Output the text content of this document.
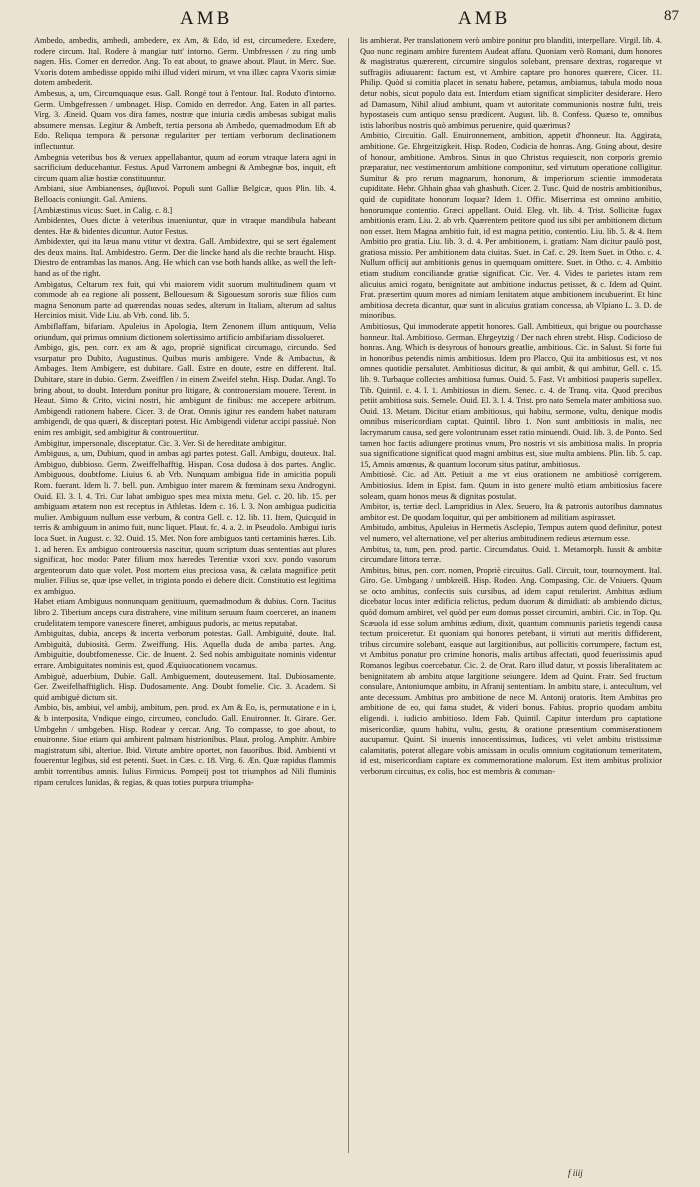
AMB	AMB	87

Ambedo, ambedis, ambedi, ambedere, ex Am, & Edo, id est, circumedere. Exedere, rodere circum. Ital. Rodere à mangiar tutt' intorno. Germ. Umbfressen / zu ring umb nagen. His. Comer en derredor. Ang. To eat about, to gnawe about. Plaut. in Merc. Sue. Vxoris dotem ambedisse oppido mihi illud videri mirum, vt vna illæc capra Vxoris simiæ dotem ambederit.

Ambesus, a, um, Circumquaque esus. Gall. Rongé tout à l'entour. Ital. Roduto d'intorno. Germ. Umbgefressen / umbnaget. Hisp. Comido en derredor. Ang. Eaten in all partes. Virg. 3. Æneid. Quam vos dira fames, nostræ que iniuria cædis ambesas subigat malis absumere mensas. Legitur & Ambeft, tertia persona ab Ambedo, quemadmodum Eft ab Edo. Reliqua tempora & personæ regulariter per tertiam verborum declinationem inflectuntur.

Ambegnia veteribus bos & veruex appellabantur, quum ad eorum vtraque latera agni in sacrificium deducebantur. Festus. Apud Varronem ambegni & Ambegnæ bos, inquit, eft circum quam aliæ hostiæ constituuntur.

Ambiani, siue Ambianenses, ἀμβιανοί. Populi sunt Galliæ Belgicæ, quos Plin. lib. 4. Belloacis coniungit. Gal. Amiens.

[Ambiæstinus vicus: Suet. in Calig. c. 8.]

Ambidentes, Oues dictæ à veteribus inueniuntur, quæ in vtraque mandibula habeant dentes. Hæ & bidentes dicuntur. Autor Festus.

Ambidexter, qui ita læua manu vtitur vt dextra. Gall. Ambidextre, qui se sert également des deux mains. Ital. Ambidestro. Germ. Der die lincke hand als die rechte braucht. Hisp. Diestro de entrambas las manos. Ang. He which can vse both hands alike, as well the left-hand as of the right.

Ambigatus, Celtarum rex fuit, qui vbi maiorem vidit suorum multitudinem quam vt commode ab ea regione ali possent, Bellouesum & Sigouesum sororis suæ filios cum magna Senonum parte ad quærendas nouas sedes, alterum in Italiam, alterum ad saltus Hercinios misit. Vide Liu. ab Vrb. cond. lib. 5.

Ambiflaffam, bifariam. Apuleius in Apologia, Item Zenonem illum antiquum, Velia oriundum, qui primus omnium dictionem solertissimo artificio ambifariam dissolueret.

Ambigo, gis, pen. corr. ex am & ago, propriè significat circumago, circundo. Sed vsurpatur pro Dubito, Augustinus. Quibus muris ambigere. Vnde & Ambactus, & Ambages. Item Ambigere, est dubitare. Gall. Estre en doute, estre en different. Ital. Dubitare, stare in dubio. Germ. Zweifflen / in einem Zweifel stehn. Hisp. Dudar. Angl. To bring about, to doubt. Interdum ponitur pro litigare, & controuersiam mouere. Terent. in Heaut. Simo & Crito, vicini nostri, hic ambigunt de finibus: me accepere arbitrum. Ambigendi rationem habere. Cicer. 3. de Orat. Omnis igitur res eandem habet naturam ambigendi, de qua quæri, & disceptari potest. Hic Ambigendi videtur accipi passiuè. Non enim res ambigit, sed ambigitur & controuertitur.

Ambigitur, impersonale, disceptatur. Cic. 3. Ver. Si de hereditate ambigitur.

Ambiguus, a, um, Dubium, quod in ambas agi partes potest. Gall. Ambigu, douteux. Ital. Ambiguo, dubbioso. Germ. Zweiffelhafftig. Hispan. Cosa dudosa à dos partes. Anglic. Ambiguous, doubtfome. Liuius 6. ab Vrb. Nunquam ambigua fide in amicitia populi Rom. fuerant. Idem li. 7. bell. pun. Ambiguo inter marem & fœminam sexu Androgyni. Ouid. El. 3. l. 4. Tri. Cur labat ambiguo spes mea mixta metu. Gel. c. 20. lib. 15. per ambiguam ætatem non est receptus in Athletas. Idem c. 16. l. 3. Non ambigua pudicitia mulier. Ambiguum nullum esse verbum, & contra Gell. c. 12. lib. 11. Item, Quicquid in terris & ambiguum in animo fuit, nunc liquet. Plaut. fc. 4. a. 2. in Pseudolo. Ambigui iuris loca Suet. in August. c. 32. Ouid. 15. Met. Non fore ambiguos tanti certaminis hæres. Lib. 1. ad heren. Ex ambiguo controuersia nascitur, quum scriptum duas sententias aut plures significat, hoc modo: Pater filium mox hæredes Terentiæ vxori xxv. pondo vasorum argenteorum dato quæ volet. Post mortem eius preciosa vasa, & cælata magnifice petit mulier. Filius se, quæ ipse vellet, in triginta pondo ei debere dicit. Constitutio est legitima ex ambiguo.

Habet etiam Ambiguus nonnunquam genitiuum, quemadmodum & dubius. Corn. Tacitus libro 2. Tiberium anceps cura distrahere, vine militum seruum fuum coerceret, an inanem crudelitatem tempore vanescere fineret, ambiguus pudoris, ac metus reputabat.

Ambiguitas, dubia, anceps & incerta verborum potestas. Gall. Ambiguité, doute. Ital. Ambiguità, dubiosità. Germ. Zweiffung. His. Aquella duda de amba partes. Ang. Ambiguitie, doubtfomenesse. Cic. de Inuent. 2. Sed nobis ambiguitate nominis videntur errare. Ambiguitates nominis est, quod Æquiuocationem vocamus.

Ambiguè, aduerbium, Dubie. Gall. Ambiguement, douteusement. Ital. Dubiosamente. Ger. Zweifelhafftiglich. Hisp. Dudosamente. Ang. Doubt fomelie. Cic. 3. Academ. Si quid ambiguè dictum sit.

Ambio, bis, ambiui, vel ambij, ambitum, pen. prod. ex Am & Eo, is, permutatione e in i, & b interposita, Vndique eingo, circumeo, concludo. Gall. Enuironner. It. Girare. Ger. Umbgehn / umbgeben. Hisp. Rodear y cercar. Ang. To compasse, to goe about, to enuironne. Siue etiam qui ambirent palmam histrionibus. Plaut. prolog. Amphitr. Ambire magistratum sibi, alteriue. Ibid. Virtute ambire oportet, non fauoribus. Ibid. Ambienti vt fouerentur legibus, sid est petenti. Suet. in Cæs. c. 18. Virg. 6. Æn. Quæ rapidus flammis ambit torrentibus amnis. Iulius Firmicus. Pompeij post tot triumphos ad Nili fluminis ripam cerulces lunidas, & regias, & quas toties purpura triumpha-

lis ambierat. Per translationem verò ambire ponitur pro blanditi, interpellare. Virgil. lib. 4. Quo nunc reginam ambire furentem Audeat affatu. Quoniam verò Romani, dum honores & magistratus quærerent, circumire singulos solebant, prensare dextras, rogareque vt suffragiis adiuuarent: factum est, vt Ambire captare pro honores quærere, Cicer. 11. Philip. Quòd si comitia placet in senatu habere, petamus, ambiamus, tabula modo noua detur nobis, sicut populo data est. Interdum etiam significat simpliciter desiderare. Hero ad Damasum, Nihil aliud ambiunt, quam vt autoritate communionis nostræ fulti, treis hypostaseis cum antiquo sensu prædicent. August. lib. 8. Confess. Quæso te, omnibus istis laboribus nostris quò ambimus peruenire, quid quærimus?

Ambitio, Circuitio. Gall. Enuironnement, ambition, appetit d'honneur. Ita. Aggirata, ambitione. Ge. Ehrgeitzigkeit. Hisp. Rodeo, Codicia de honras. Ang. Going about, desire of honour, ambitione. Ambros. Sinus in quo Christus requiescit, non corporis gremio præparatur, nec vestimentorum ambitione componitur, sed virtutum operatione colligitur. Sumitur & pro rerum magnarum, honorum, & imperiorum scientie immoderata cupiditate. Hebr. Ghhain ghaa vah ghashuth. Cicer. 2. Tusc. Quid de nostris ambitionibus, quid de cupiditate honorum loquar? Idem 1. Offic. Miserrima est omnino ambitio, honorumque contentio. Græci appellant. Ouid. Eleg. vlt. lib. 4. Trist. Sollicitæ fugax ambitionis eram. Liu. 2. ab vrb. Quærentem petitore quod ius sibi per ambitionem dictum non esset. Item Magna ambitio fuit, id est magna petitio, contentio. Liu. lib. 5. & 4. Item Ambitio pro gratia. Liu. lib. 3. d. 4. Per ambitionem, i. gratiam: Nam dicitur paulò post, gratiosa missio. Per ambitionem data ciuitas. Suet. in Caf. c. 29. Item Suet. in Otho. c. 4. Nullum officij aut ambitionis genus in quemquam omittere. Suet. in Otho. c. 4. Ambitio etiam studium conciliandæ gratiæ significat. Cic. Ver. 4. Vides te parietes istam rem alicuius amici rogatu, benignitate aut ambitione inductus petisset, & c. Idem ad Quint. Frat. præsertim quum mores ad nimiam lenitatem atque ambitionem incubuerint. Et hinc ambitiosa decreta dicantur, quæ sunt in alicuius gratiam concessa, ab Vlpiano L. 3. D. de minoribus.

Ambitiosus, Qui immoderate appetit honores. Gall. Ambitieux, qui brigue ou pourchasse honneur. Ital. Ambitioso. German. Ehrgeytzig / Der nach ehren strebt. Hisp. Codicioso de honras. Ang. Which is desyrous of honours greatlie, ambitious. Cic. in Salust. Si forte fui in honoribus petendis nimis ambitiosus. Idem pro Placco, Qui ita ambitiosus est, vt nos omnes quotidie persalutet. Ambitiosus dicitur, & qui ambit, & qui ambitur, Gell. c. 15. lib. 9. Turbaque collectes ambitiosa fumus. Ouid. 5. Fast. Vt ambitiosi pauperis supellex. Tib. Quintil. c. 4. l. 1. Ambitiosus in diem. Senec. c. 4. de Tranq. vita. Quod precibus petiit ambitiosa suis. Semele. Ouid. El. 3. l. 4. Trist. pro nato Semela mater ambitiosa suo. Ouid. 13. Metam. Dicitur etiam ambitiosus, qui habitu, sermone, vultu, denique modis omnibus misericordiam captat. Quintil. libro 1. Non sunt ambitiosis in malis, nec lacrymarum causa, sed gere volontrunam esset ratio minuendi. Ouid. lib. 3. de Ponto. Sed tamen hoc factis adiungere protinus vnum, Pro nostris vt sis ambitiosa malis. In propria sua significatione significat quod magni ambitus est, siue multa ambiens. Plin. lib. 5. cap. 15, Amnis amœnus, & quantum locorum situs patitur, ambitiosus.

Ambitiosè. Cic. ad Att. Petiuit a me vt eius orationem ne ambitiosè corrigerem. Ambitiosius. Idem in Epist. fam. Quum in isto genere multò etiam ambitiosius facere soleam, quam honos meus & dignitas postulat.

Ambitor, is, tertiæ decl. Lampridius in Alex. Seuero, Ita & patronis autoribus damnatus ambitor est. De quodam loquitur, qui per ambitionem ad militiam aspirasset.

Ambitudo, ambitus, Apuleius in Hermetis Asclepio, Tempus autem quod definitur, potest vel numero, vel alternatione, vel per alterius ambitudinem redieus æternum esse.

Ambitus, ta, tum, pen. prod. partic. Circumdatus. Ouid. 1. Metamorph. Iussit & ambitæ circumdare littora terræ.

Ambitus, bitus, pen. corr. nomen, Propriè circuitus. Gall. Circuit, tour, tournoyment. Ital. Giro. Ge. Umbgang / umbkreiß. Hisp. Rodeo. Ang. Compasing. Cic. de Vniuers. Quum se octo ambitus, confectis suis cursibus, ad idem caput retulerint. Ambitus ædium dicebatur locus inter ædificia relictus, pedum duorum & dimidiati: ab ambiendo dictus, quòd domum ambiret, vel quòd per eum domus posset circumiri, ambiri. Cic. in Top. Qu. Scæuola id esse solum ambitus ædium, dixit, quantum communis parietis tegendi causa tectum proiceretur. Et quoniam qui honores petebant, ii virtuti aut meritis diffiderent, tribus circumire solebant, easque aut largitionibus, aut pollicitis corrumpere, factum est, vt Ambitus ponatur pro crimine honoris, malis artibus affectati, quod feuerissimis apud Romanos legibus coercebatur. Cic. 2. de Orat. Raro illud datur, vt possis liberalitatem ac benignitatem ab ambitu atque largitione seiungere. Idem ad Quint. Fratr. Sed fructum consulare, Antoniumque ambitu, in Afranij sententiam. In ambitu stare, i. antecultum, vel ante decessum. Ambitus pro ambitione de nece M. Antonij oratoris. Item Ambitus pro ambitione de eo, qui fama studet, & videri bonus. Fabius. proprio quodam ambitu eligendi. i. iudicio ambitioso. Idem Fab. Quintil. Capitur interdum pro captatione misericordiæ, quum habitu, vultu, gestu, & oratione præsentium commiserationem aucupamur. Quint. Si inuenis innocentissimus, Iudices, vti velet ambitu tristissimæ calamitatis, poterat allegare vobis amissam in oculis omnium cogitationum temeritatem, id est, misericordiam captare ex commemoratione malorum. Est item ambitus prolixior verborum circuitus, ex colis, hoc est membris & comman-

f iiij
